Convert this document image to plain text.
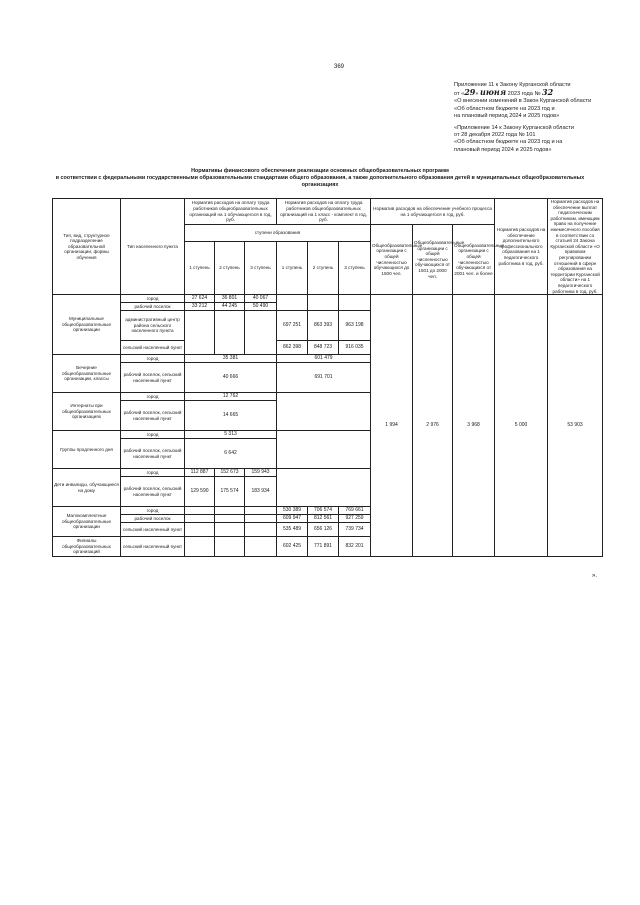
369
Приложение 11 к Закону Курганской области
от «29» июня 2023 года № 32
«О внесении изменений в Закон Курганской области
«Об областном бюджете на 2023 год и
на плановый период 2024 и 2025 годов»
«Приложение 14 к Закону Курганской области
от 28 декабря 2022 года № 101
«Об областном бюджете на 2023 год и на
плановый период 2024 и 2025 годов»
Нормативы финансового обеспечения реализации основных общеобразовательных программ
в соответствии с федеральными государственными образовательными стандартами общего образования, а также дополнительного образования детей в муниципальных общеобразовательных
организациях
Тип, вид, структурное подразделение образовательной организации, формы обучения	Тип населенного пункта	Норматив расходов на оплату труда работников общеобразовательных организаций на 1 обучающегося в год, руб.			Норматив расходов на оплату труда работников общеобразовательных организаций на 1 класс - комплект в год, руб.			Норматив расходов на обеспечение учебного процесса на 1 обучающегося в год, руб.			Норматив расходов на обеспечение дополнительного профессионального образования на 1 педагогического работника в год, руб.	Норматив расходов на обеспечение выплат педагогическим работникам, имеющим право на получение ежемесячного пособия в соответствии со статьей 24 Закона Курганской области «О правовом регулировании отношений в сфере образования на территории Курганской области» на 1 педагогического работника в год, руб.
		ступени образования						Общеобразовательные организации с общей численностью обучающихся до 1500 чел.	Общеобразовательные организации с общей численностью обучающихся от 1501 до 2000 чел.	Общеобразовательные организации с общей численностью обучающихся от 2001 чел. и более		
		1 ступень	2 ступень	3 ступень	1 ступень	2 ступень	3 ступень					
Муниципальные общеобразовательные организации	город	27 624	36 801	40 067				1 994	2 976	3 968	5 000	53 903
	рабочий поселок	33 212	44 245	50 490								
	административный центр района сельского населенного пункта				697 251	863 393	963 198					
	сельский населенный пункт				862 398	848 723	916 035					
Вечерние общеобразовательные организации, классы	город	35 381			601 479							
	рабочий поселок, сельский населенный пункт	40 666			691 701							
Интернаты при общеобразовательных организациях	город	12 762										
	рабочий поселок, сельский населенный пункт	14 665										
Группы продленного дня	город	5 313										
	рабочий поселок, сельский населенный пункт	6 642										
Дети инвалиды, обучающиеся на дому	город	112 887	152 673	159 943								
	рабочий поселок, сельский населенный пункт	129 590	175 574	183 934								
Малокомплектные общеобразовательные организации	город				530 389	706 574	769 661					
	рабочий поселок				609 947	812 561	927 259					
	сельский населенный пункт				535 489	656 126	739 734					
Филиалы общеобразовательных организаций	сельский населенный пункт				602 425	771 891	832 201					
».
